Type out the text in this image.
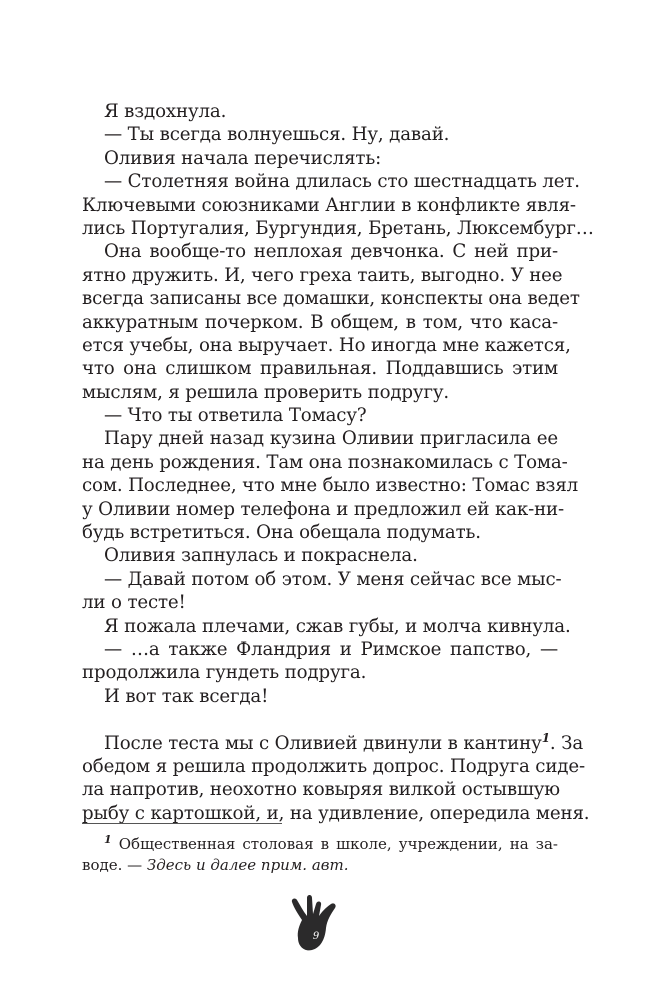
Я вздохнула.
— Ты всегда волнуешься. Ну, давай.
Оливия начала перечислять:
— Столетняя война длилась сто шестнадцать лет.
Ключевыми союзниками Англии в конфликте явля-
лись Португалия, Бургундия, Бретань, Люксембург…
Она вообще-то неплохая девчонка. С ней при-
ятно дружить. И, чего греха таить, выгодно. У нее
всегда записаны все домашки, конспекты она ведет
аккуратным почерком. В общем, в том, что каса-
ется учебы, она выручает. Но иногда мне кажется,
что она слишком правильная. Поддавшись этим
мыслям, я решила проверить подругу.
— Что ты ответила Томасу?
Пару дней назад кузина Оливии пригласила ее
на день рождения. Там она познакомилась с Тома-
сом. Последнее, что мне было известно: Томас взял
у Оливии номер телефона и предложил ей как-ни-
будь встретиться. Она обещала подумать.
Оливия запнулась и покраснела.
— Давай потом об этом. У меня сейчас все мыс-
ли о тесте!
Я пожала плечами, сжав губы, и молча кивнула.
— …а также Фландрия и Римское папство, —
продолжила гундеть подруга.
И вот так всегда!
После теста мы с Оливией двинули в кантину$^1$. За
обедом я решила продолжить допрос. Подруга сиде-
ла напротив, неохотно ковыряя вилкой остывшую
рыбу с картошкой, и, на удивление, опередила меня.
$^1$ Общественная столовая в школе, учреждении, на за-
воде. — Здесь и далее прим. авт.
9
